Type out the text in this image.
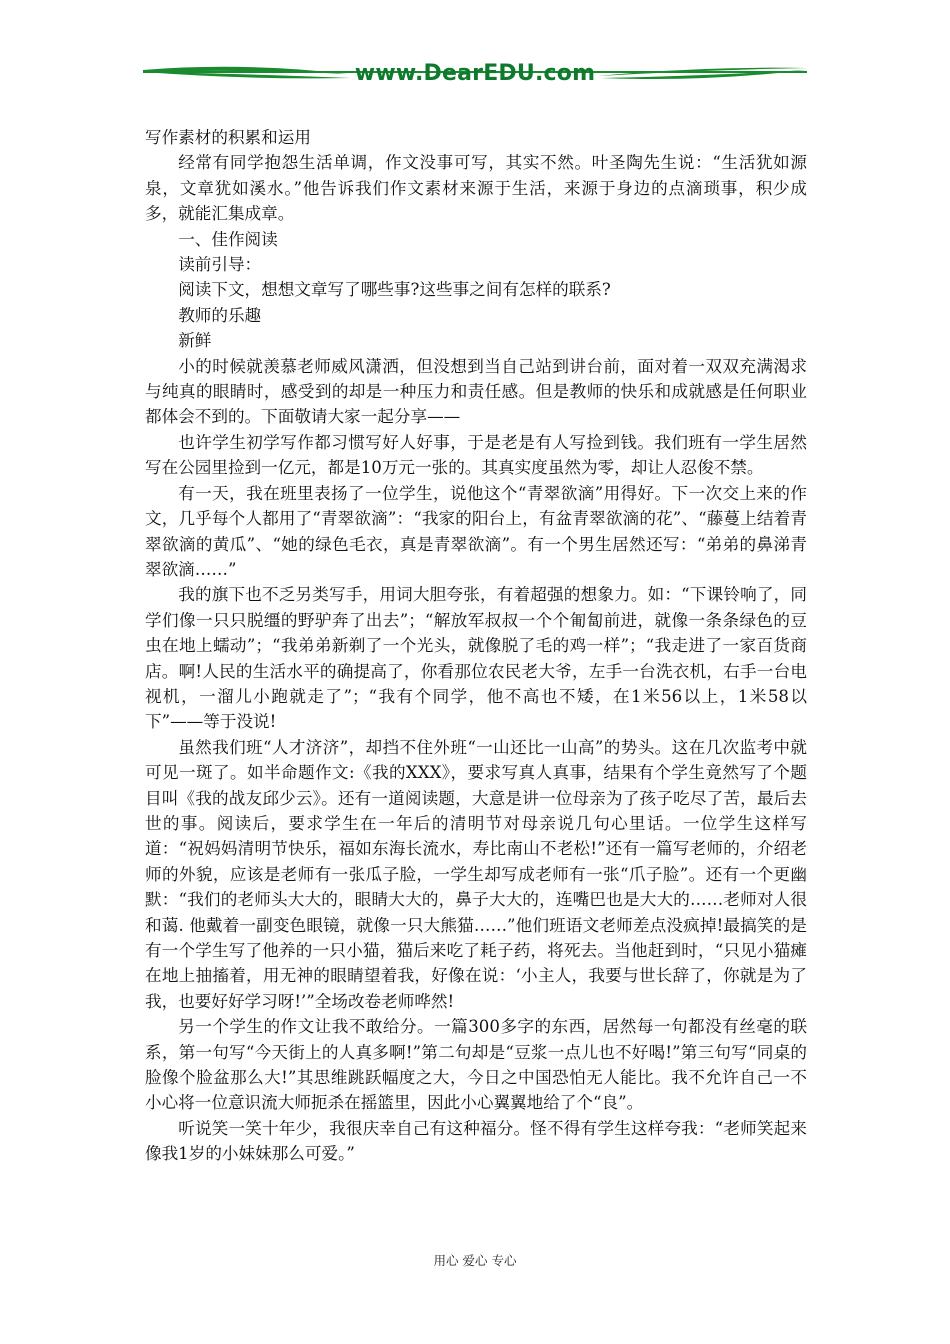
www.DearEDU.com

写作素材的积累和运用

经常有同学抱怨生活单调，作文没事可写，其实不然。叶圣陶先生说：“生活犹如源泉，文章犹如溪水。”他告诉我们作文素材来源于生活，来源于身边的点滴琐事，积少成多，就能汇集成章。

一、佳作阅读

读前引导：

阅读下文，想想文章写了哪些事?这些事之间有怎样的联系?

教师的乐趣

新鲜

小的时候就羡慕老师威风潇洒，但没想到当自己站到讲台前，面对着一双双充满渴求与纯真的眼睛时，感受到的却是一种压力和责任感。但是教师的快乐和成就感是任何职业都体会不到的。下面敬请大家一起分享——

也许学生初学写作都习惯写好人好事，于是老是有人写捡到钱。我们班有一学生居然写在公园里捡到一亿元，都是10万元一张的。其真实度虽然为零，却让人忍俊不禁。

有一天，我在班里表扬了一位学生，说他这个“青翠欲滴”用得好。下一次交上来的作文，几乎每个人都用了“青翠欲滴”：“我家的阳台上，有盆青翠欲滴的花”、“藤蔓上结着青翠欲滴的黄瓜”、“她的绿色毛衣，真是青翠欲滴”。有一个男生居然还写：“弟弟的鼻涕青翠欲滴……”

我的旗下也不乏另类写手，用词大胆夸张，有着超强的想象力。如：“下课铃响了，同学们像一只只脱缰的野驴奔了出去”；“解放军叔叔一个个匍匐前进，就像一条条绿色的豆虫在地上蠕动”；“我弟弟新剃了一个光头，就像脱了毛的鸡一样”；“我走进了一家百货商店。啊!人民的生活水平的确提高了，你看那位农民老大爷，左手一台洗衣机，右手一台电视机，一溜儿小跑就走了”；“我有个同学，他不高也不矮，在1米56以上，1米58以下”——等于没说!

虽然我们班“人才济济”，却挡不住外班“一山还比一山高”的势头。这在几次监考中就可见一斑了。如半命题作文:《我的XXX》，要求写真人真事，结果有个学生竟然写了个题目叫《我的战友邱少云》。还有一道阅读题，大意是讲一位母亲为了孩子吃尽了苦，最后去世的事。阅读后，要求学生在一年后的清明节对母亲说几句心里话。一位学生这样写道：“祝妈妈清明节快乐，福如东海长流水，寿比南山不老松!”还有一篇写老师的，介绍老师的外貌，应该是老师有一张瓜子脸，一学生却写成老师有一张“爪子脸”。还有一个更幽默：“我们的老师头大大的，眼睛大大的，鼻子大大的，连嘴巴也是大大的……老师对人很和蔼. 他戴着一副变色眼镜，就像一只大熊猫……”他们班语文老师差点没疯掉!最搞笑的是有一个学生写了他养的一只小猫，猫后来吃了耗子药，将死去。当他赶到时，“只见小猫瘫在地上抽搐着，用无神的眼睛望着我，好像在说：‘小主人，我要与世长辞了，你就是为了我，也要好好学习呀!’”全场改卷老师哗然!

另一个学生的作文让我不敢给分。一篇300多字的东西，居然每一句都没有丝毫的联系，第一句写“今天街上的人真多啊!”第二句却是“豆浆一点儿也不好喝!”第三句写“同桌的脸像个脸盆那么大!”其思维跳跃幅度之大，今日之中国恐怕无人能比。我不允许自己一不小心将一位意识流大师扼杀在摇篮里，因此小心翼翼地给了个“良”。

听说笑一笑十年少，我很庆幸自己有这种福分。怪不得有学生这样夸我：“老师笑起来像我1岁的小妹妹那么可爱。”

用心 爱心 专心
